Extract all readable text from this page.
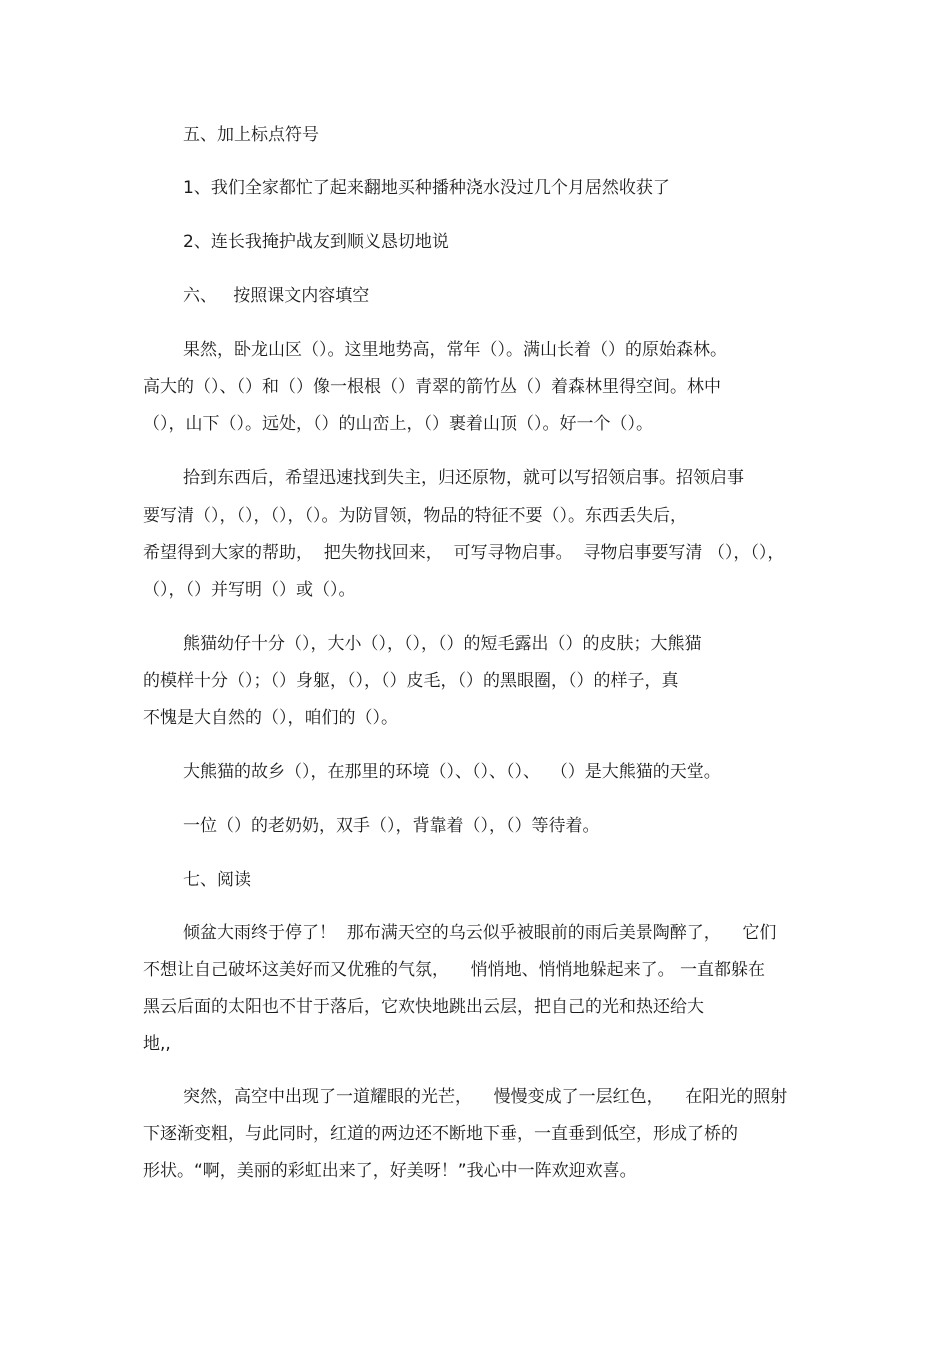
五、加上标点符号
1、我们全家都忙了起来翻地买种播种浇水没过几个月居然收获了
2、连长我掩护战友到顺义恳切地说
六、   按照课文内容填空
果然，卧龙山区（）。这里地势高，常年（）。满山长着（）的原始森林。
高大的（）、（）和（）像一根根（）青翠的箭竹丛（）着森林里得空间。林中
（），山下（）。远处，（）的山峦上，（）裹着山顶（）。好一个（）。
拾到东西后，希望迅速找到失主，归还原物，就可以写招领启事。招领启事
要写清（），（），（），（）。为防冒领，物品的特征不要（）。东西丢失后，
希望得到大家的帮助，  把失物找回来，  可写寻物启事。  寻物启事要写清 （），（），
（），（）并写明（）或（）。
熊猫幼仔十分（），大小（），（），（）的短毛露出（）的皮肤；大熊猫
的模样十分（）；（）身躯，（），（）皮毛，（）的黑眼圈，（）的样子，真
不愧是大自然的（），咱们的（）。
大熊猫的故乡（），在那里的环境（）、（）、（）、  （）是大熊猫的天堂。
一位（）的老奶奶，双手（），背靠着（），（）等待着。
七、阅读
倾盆大雨终于停了！  那布满天空的乌云似乎被眼前的雨后美景陶醉了，    它们
不想让自己破坏这美好而又优雅的气氛，    悄悄地、悄悄地躲起来了。 一直都躲在
黑云后面的太阳也不甘于落后，它欢快地跳出云层，把自己的光和热还给大
地,,
突然，高空中出现了一道耀眼的光芒，    慢慢变成了一层红色，    在阳光的照射
下逐渐变粗，与此同时，红道的两边还不断地下垂，一直垂到低空，形成了桥的
形状。“啊，美丽的彩虹出来了，好美呀！”我心中一阵欢迎欢喜。
